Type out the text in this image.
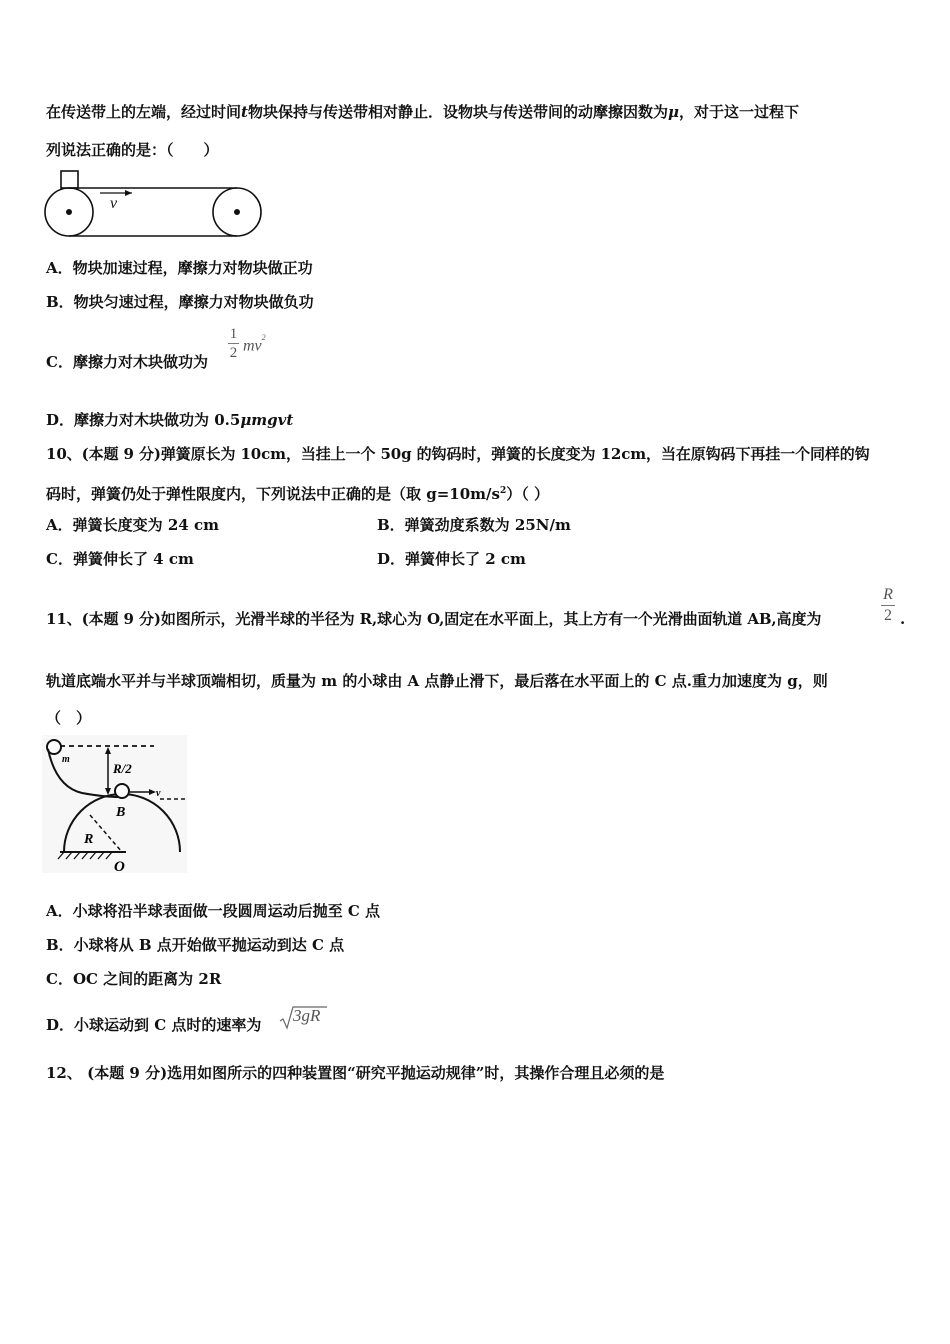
在传送带上的左端，经过时间t物块保持与传送带相对静止．设物块与传送带间的动摩擦因数为μ，对于这一过程下
列说法正确的是：（　　）
v
A．物块加速过程，摩擦力对物块做正功
B．物块匀速过程，摩擦力对物块做负功
C．摩擦力对木块做功为
1
2 $mv^2$
D．摩擦力对木块做功为 0.5μmgvt
10、(本题 9 分)弹簧原长为 10cm，当挂上一个 50g 的钩码时，弹簧的长度变为 12cm，当在原钩码下再挂一个同样的钩
码时，弹簧仍处于弹性限度内，下列说法中正确的是（取 $g=10m/s^2$）（ ）
A．弹簧长度变为 24 cm	B．弹簧劲度系数为 25N/m
C．弹簧伸长了 4 cm	D．弹簧伸长了 2 cm
11、(本题 9 分)如图所示，光滑半球的半径为 R,球心为 O,固定在水平面上，其上方有一个光滑曲面轨道 AB,高度为
R
2 .
轨道底端水平并与半球顶端相切，质量为 m 的小球由 A 点静止滑下，最后落在水平面上的 C 点.重力加速度为 g，则
（　）
m
R/2
B
v
R
O
A．小球将沿半球表面做一段圆周运动后抛至 C 点
B．小球将从 B 点开始做平抛运动到达 C 点
C．OC 之间的距离为 2R
D．小球运动到 C 点时的速率为 3gR
12、 (本题 9 分)选用如图所示的四种装置图“研究平抛运动规律”时，其操作合理且必须的是
